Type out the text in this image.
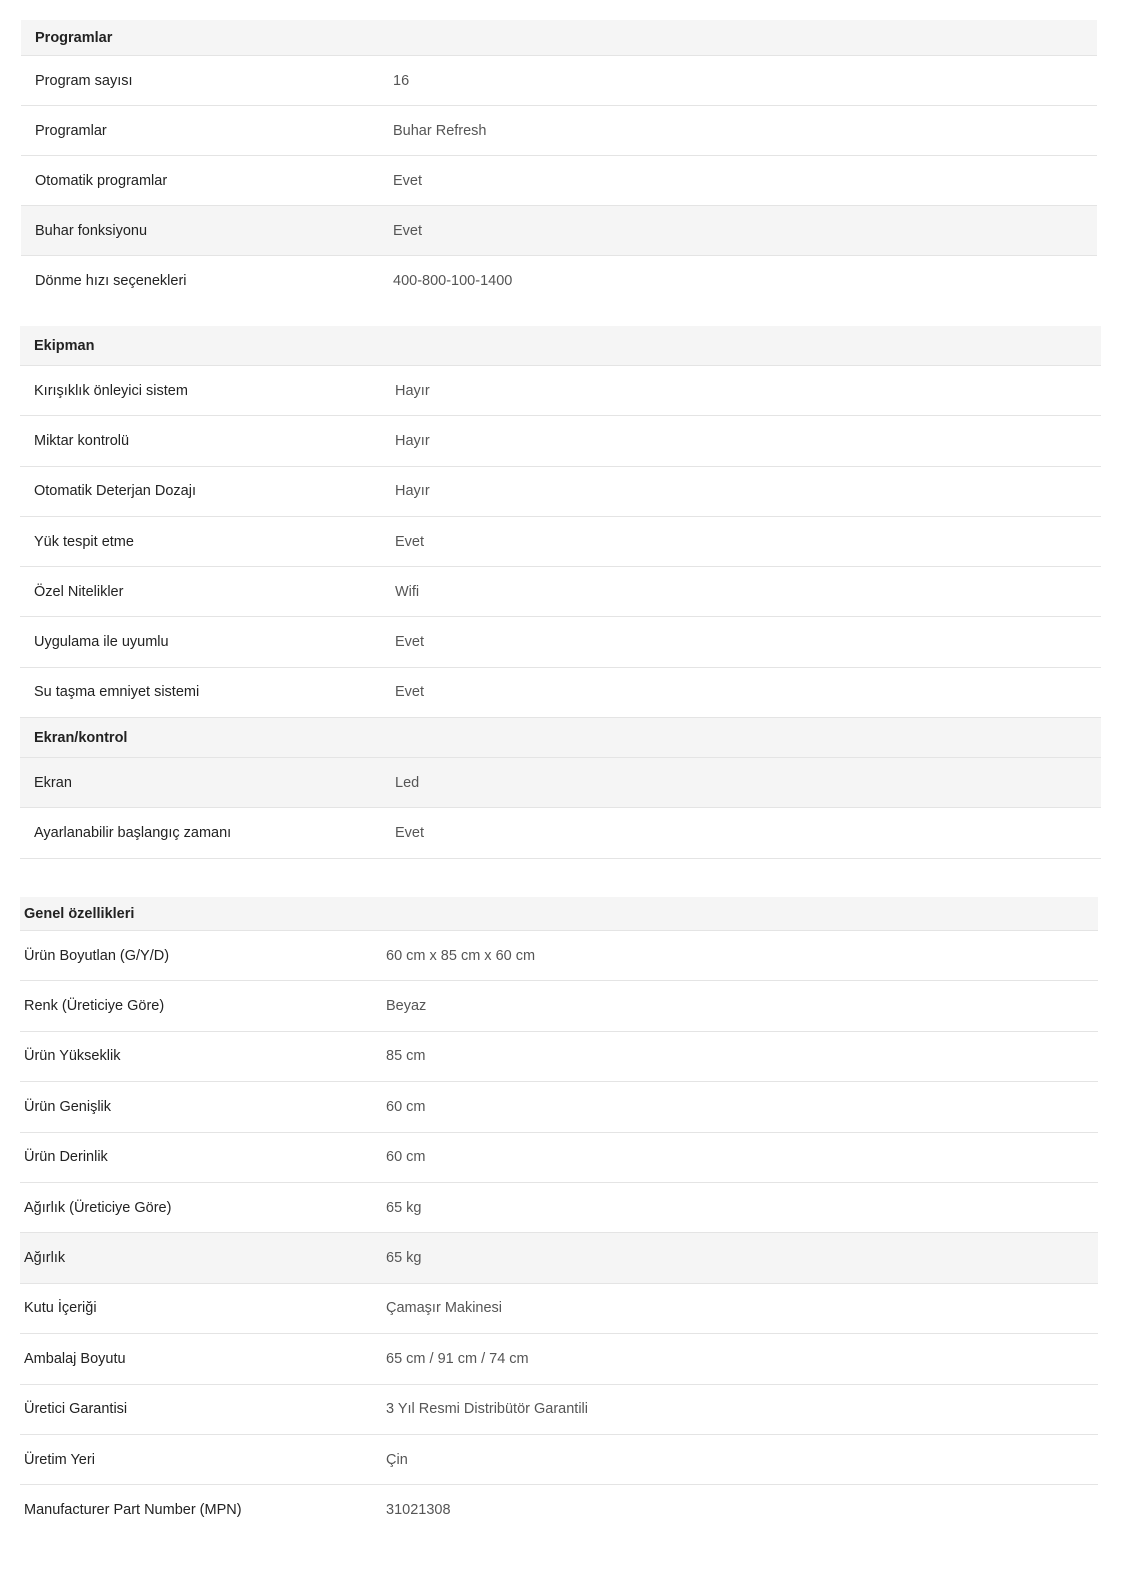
Programlar
Program sayısı	16
Programlar	Buhar Refresh
Otomatik programlar	Evet
Buhar fonksiyonu	Evet
Dönme hızı seçenekleri	400-800-100-1400
Ekipman
Kırışıklık önleyici sistem	Hayır
Miktar kontrolü	Hayır
Otomatik Deterjan Dozajı	Hayır
Yük tespit etme	Evet
Özel Nitelikler	Wifi
Uygulama ile uyumlu	Evet
Su taşma emniyet sistemi	Evet
Ekran/kontrol
Ekran	Led
Ayarlanabilir başlangıç zamanı	Evet
Genel özellikleri
Ürün Boyutlan (G/Y/D)	60 cm x 85 cm x 60 cm
Renk (Üreticiye Göre)	Beyaz
Ürün Yükseklik	85 cm
Ürün Genişlik	60 cm
Ürün Derinlik	60 cm
Ağırlık (Üreticiye Göre)	65 kg
Ağırlık	65 kg
Kutu İçeriği	Çamaşır Makinesi
Ambalaj Boyutu	65 cm / 91 cm / 74 cm
Üretici Garantisi	3 Yıl Resmi Distribütör Garantili
Üretim Yeri	Çin
Manufacturer Part Number (MPN)	31021308
